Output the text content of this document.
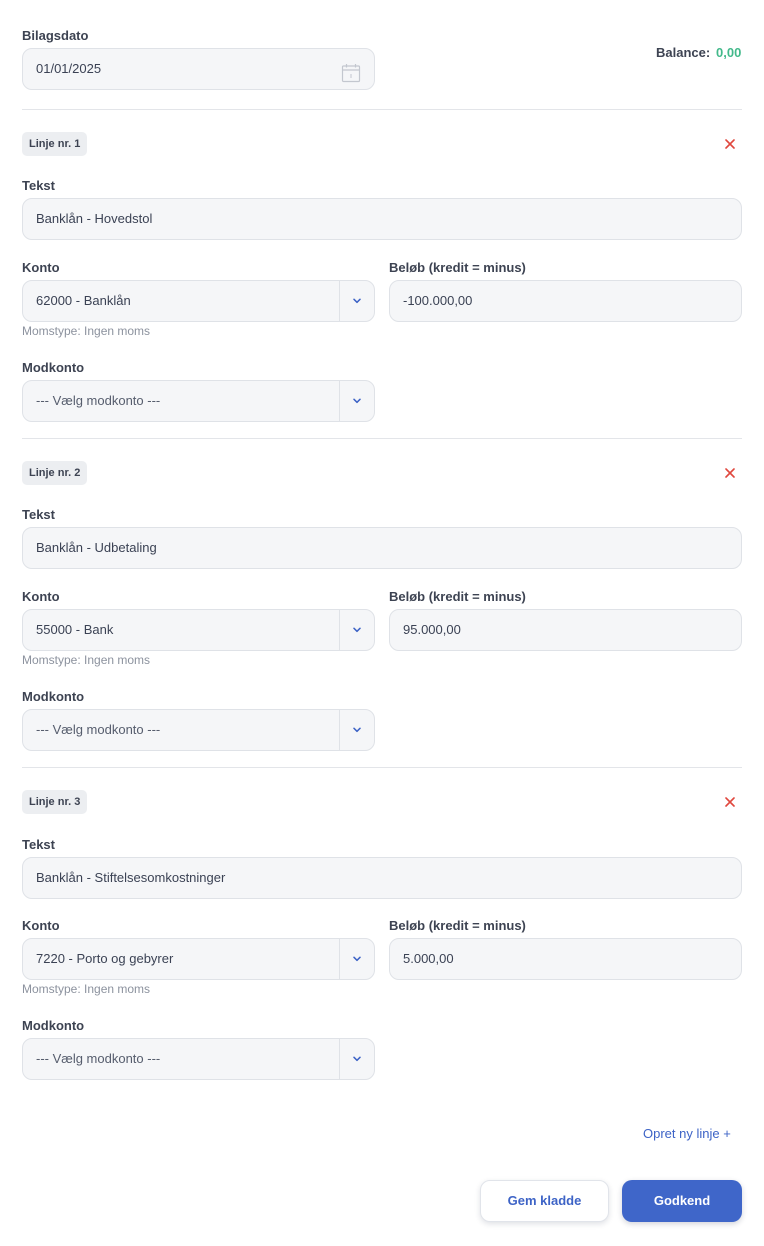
Bilagsdato
01/01/2025
Balance: 0,00
Linje nr. 1
Tekst
Banklån - Hovedstol
Konto
62000 - Banklån
Beløb (kredit = minus)
-100.000,00
Momstype: Ingen moms
Modkonto
--- Vælg modkonto ---
Linje nr. 2
Tekst
Banklån - Udbetaling
Konto
55000 - Bank
Beløb (kredit = minus)
95.000,00
Momstype: Ingen moms
Modkonto
--- Vælg modkonto ---
Linje nr. 3
Tekst
Banklån - Stiftelsesomkostninger
Konto
7220 - Porto og gebyrer
Beløb (kredit = minus)
5.000,00
Momstype: Ingen moms
Modkonto
--- Vælg modkonto ---
Opret ny linje +
Gem kladde	Godkend
